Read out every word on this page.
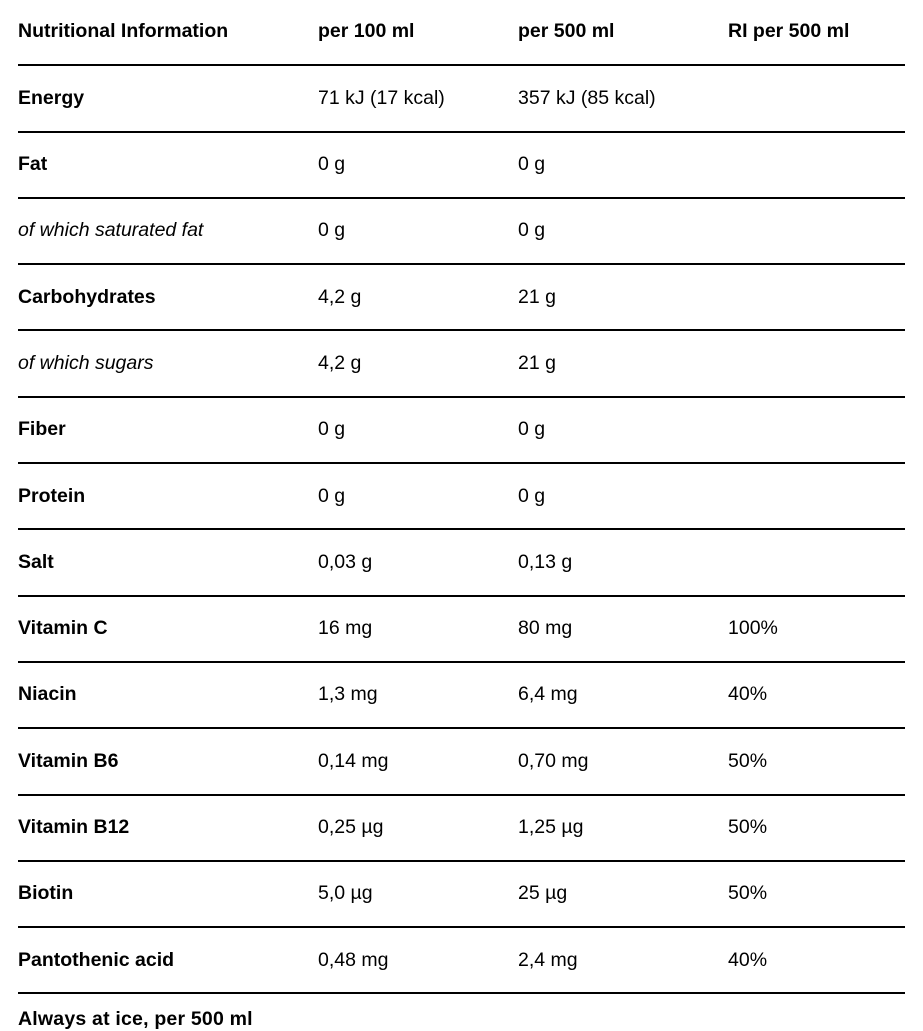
Nutritional Information	per 100 ml	per 500 ml	RI per 500 ml
Energy	71 kJ (17 kcal)	357 kJ (85 kcal)	
Fat	0 g	0 g	
of which saturated fat	0 g	0 g	
Carbohydrates	4,2 g	21 g	
of which sugars	4,2 g	21 g	
Fiber	0 g	0 g	
Protein	0 g	0 g	
Salt	0,03 g	0,13 g	
Vitamin C	16 mg	80 mg	100%
Niacin	1,3 mg	6,4 mg	40%
Vitamin B6	0,14 mg	0,70 mg	50%
Vitamin B12	0,25 µg	1,25 µg	50%
Biotin	5,0 µg	25 µg	50%
Pantothenic acid	0,48 mg	2,4 mg	40%
Always at ice, per 500 ml
